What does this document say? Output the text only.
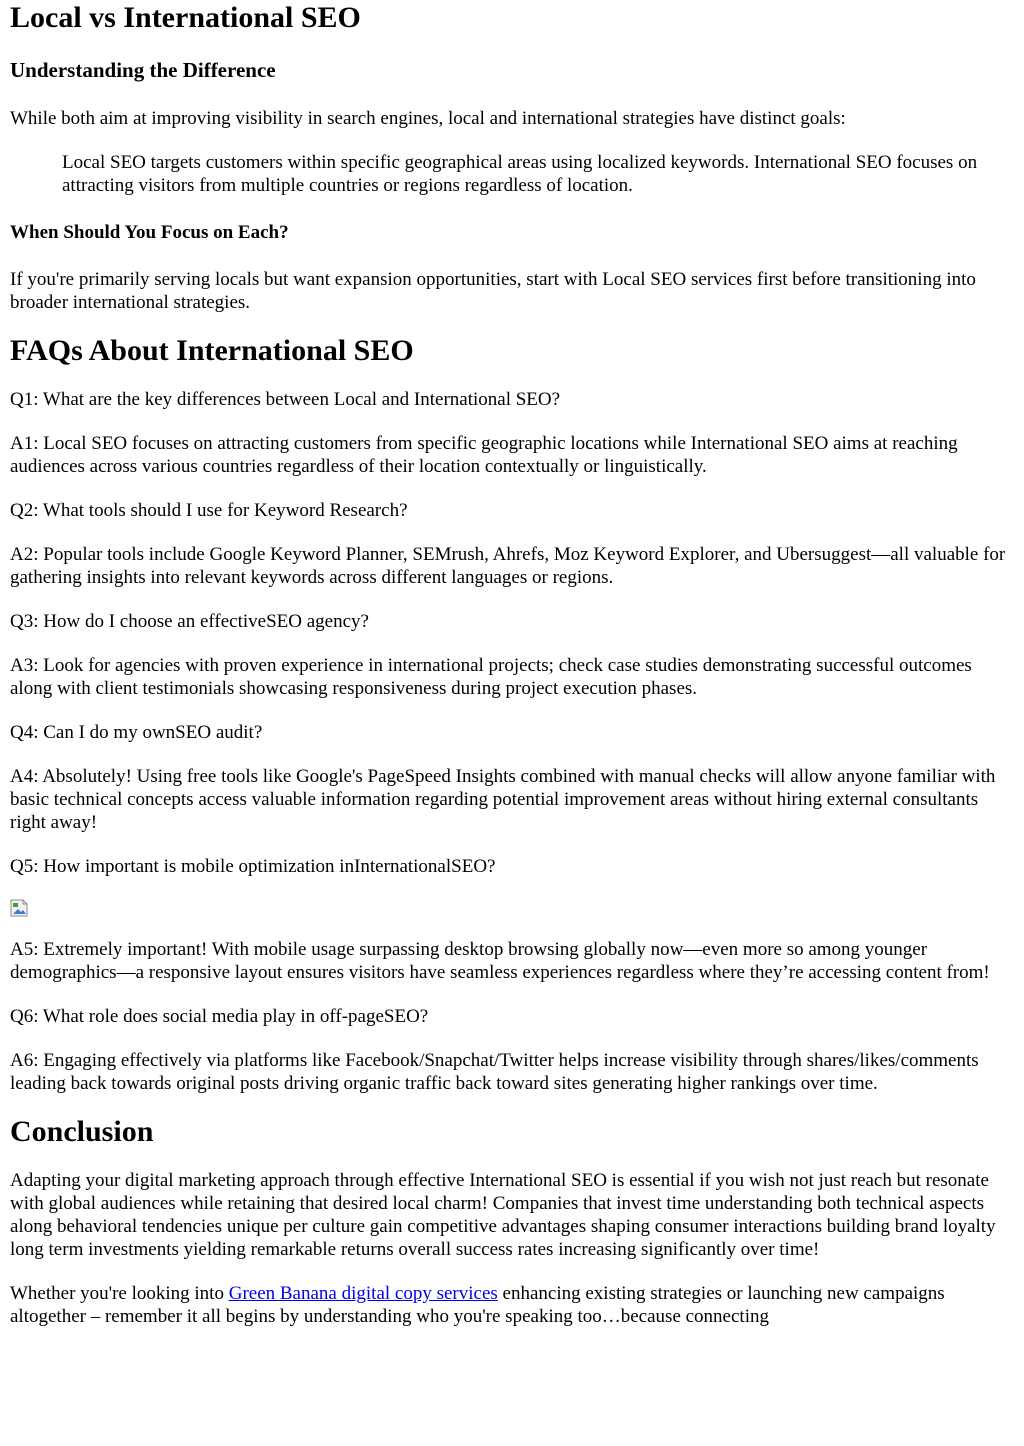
Local vs International SEO
Understanding the Difference

While both aim at improving visibility in search engines, local and international strategies have distinct goals:

Local SEO targets customers within specific geographical areas using localized keywords. International SEO focuses on attracting visitors from multiple countries or regions regardless of location.

When Should You Focus on Each?

If you're primarily serving locals but want expansion opportunities, start with Local SEO services first before transitioning into broader international strategies.

FAQs About International SEO

Q1: What are the key differences between Local and International SEO?

A1: Local SEO focuses on attracting customers from specific geographic locations while International SEO aims at reaching audiences across various countries regardless of their location contextually or linguistically.

Q2: What tools should I use for Keyword Research?

A2: Popular tools include Google Keyword Planner, SEMrush, Ahrefs, Moz Keyword Explorer, and Ubersuggest—all valuable for gathering insights into relevant keywords across different languages or regions.

Q3: How do I choose an effectiveSEO agency?

A3: Look for agencies with proven experience in international projects; check case studies demonstrating successful outcomes along with client testimonials showcasing responsiveness during project execution phases.

Q4: Can I do my ownSEO audit?

A4: Absolutely! Using free tools like Google's PageSpeed Insights combined with manual checks will allow anyone familiar with basic technical concepts access valuable information regarding potential improvement areas without hiring external consultants right away!

Q5: How important is mobile optimization inInternationalSEO?

A5: Extremely important! With mobile usage surpassing desktop browsing globally now—even more so among younger demographics—a responsive layout ensures visitors have seamless experiences regardless where they’re accessing content from!

Q6: What role does social media play in off-pageSEO?

A6: Engaging effectively via platforms like Facebook/Snapchat/Twitter helps increase visibility through shares/likes/comments leading back towards original posts driving organic traffic back toward sites generating higher rankings over time.

Conclusion

Adapting your digital marketing approach through effective International SEO is essential if you wish not just reach but resonate with global audiences while retaining that desired local charm! Companies that invest time understanding both technical aspects along behavioral tendencies unique per culture gain competitive advantages shaping consumer interactions building brand loyalty long term investments yielding remarkable returns overall success rates increasing significantly over time!

Whether you're looking into Green Banana digital copy services enhancing existing strategies or launching new campaigns altogether – remember it all begins by understanding who you're speaking too…because connecting
